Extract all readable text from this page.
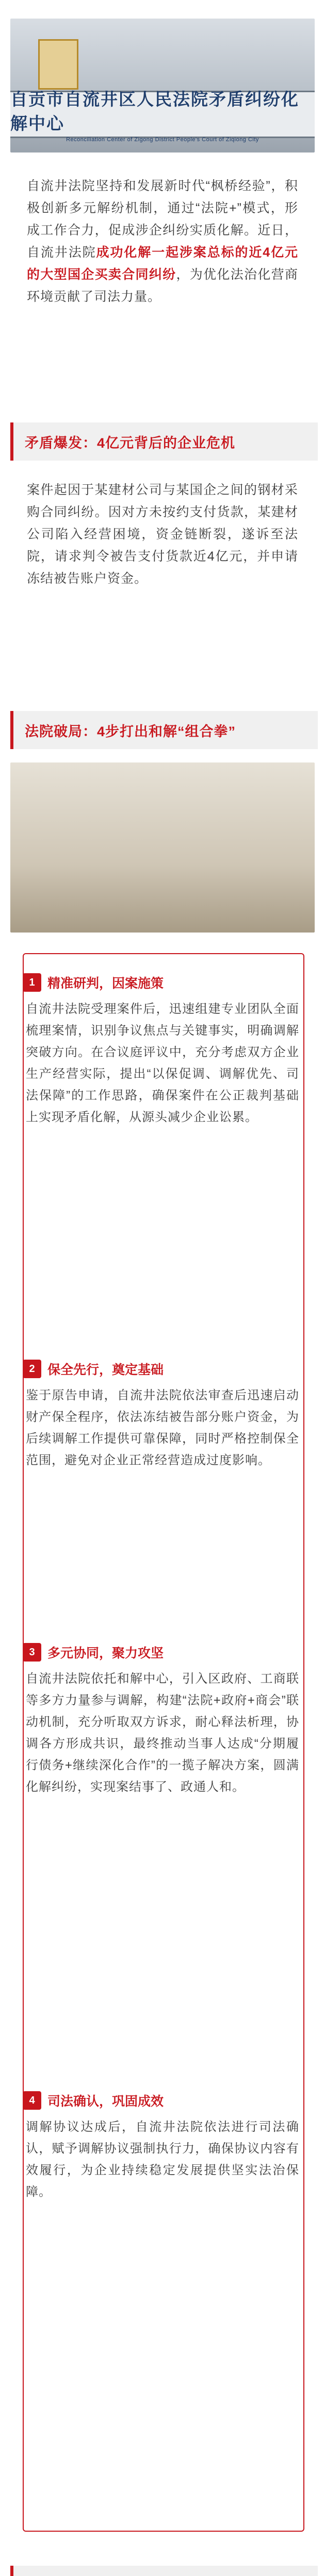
自贡市自流井区人民法院矛盾纠纷化解中心
Reconciliation Center of Zigong District People's Court of Ziqiong City
自流井法院坚持和发展新时代“枫桥经验”，积极创新多元解纷机制，通过“法院+”模式，形成工作合力，促成涉企纠纷实质化解。近日，自流井法院成功化解一起涉案总标的近4亿元的大型国企买卖合同纠纷，为优化法治化营商环境贡献了司法力量。
矛盾爆发：4亿元背后的企业危机
案件起因于某建材公司与某国企之间的钢材采购合同纠纷。因对方未按约支付货款，某建材公司陷入经营困境，资金链断裂，遂诉至法院，请求判令被告支付货款近4亿元，并申请冻结被告账户资金。
法院破局：4步打出和解“组合拳”
1 精准研判，因案施策
自流井法院受理案件后，迅速组建专业团队全面梳理案情，识别争议焦点与关键事实，明确调解突破方向。在合议庭评议中，充分考虑双方企业生产经营实际，提出“以保促调、调解优先、司法保障”的工作思路，确保案件在公正裁判基础上实现矛盾化解，从源头减少企业讼累。
2 保全先行，奠定基础
鉴于原告申请，自流井法院依法审查后迅速启动财产保全程序，依法冻结被告部分账户资金，为后续调解工作提供可靠保障，同时严格控制保全范围，避免对企业正常经营造成过度影响。
3 多元协同，聚力攻坚
自流井法院依托和解中心，引入区政府、工商联等多方力量参与调解，构建“法院+政府+商会”联动机制，充分听取双方诉求，耐心释法析理，协调各方形成共识，最终推动当事人达成“分期履行债务+继续深化合作”的一揽子解决方案，圆满化解纠纷，实现案结事了、政通人和。
4 司法确认，巩固成效
调解协议达成后，自流井法院依法进行司法确认，赋予调解协议强制执行力，确保协议内容有效履行，为企业持续稳定发展提供坚实法治保障。
